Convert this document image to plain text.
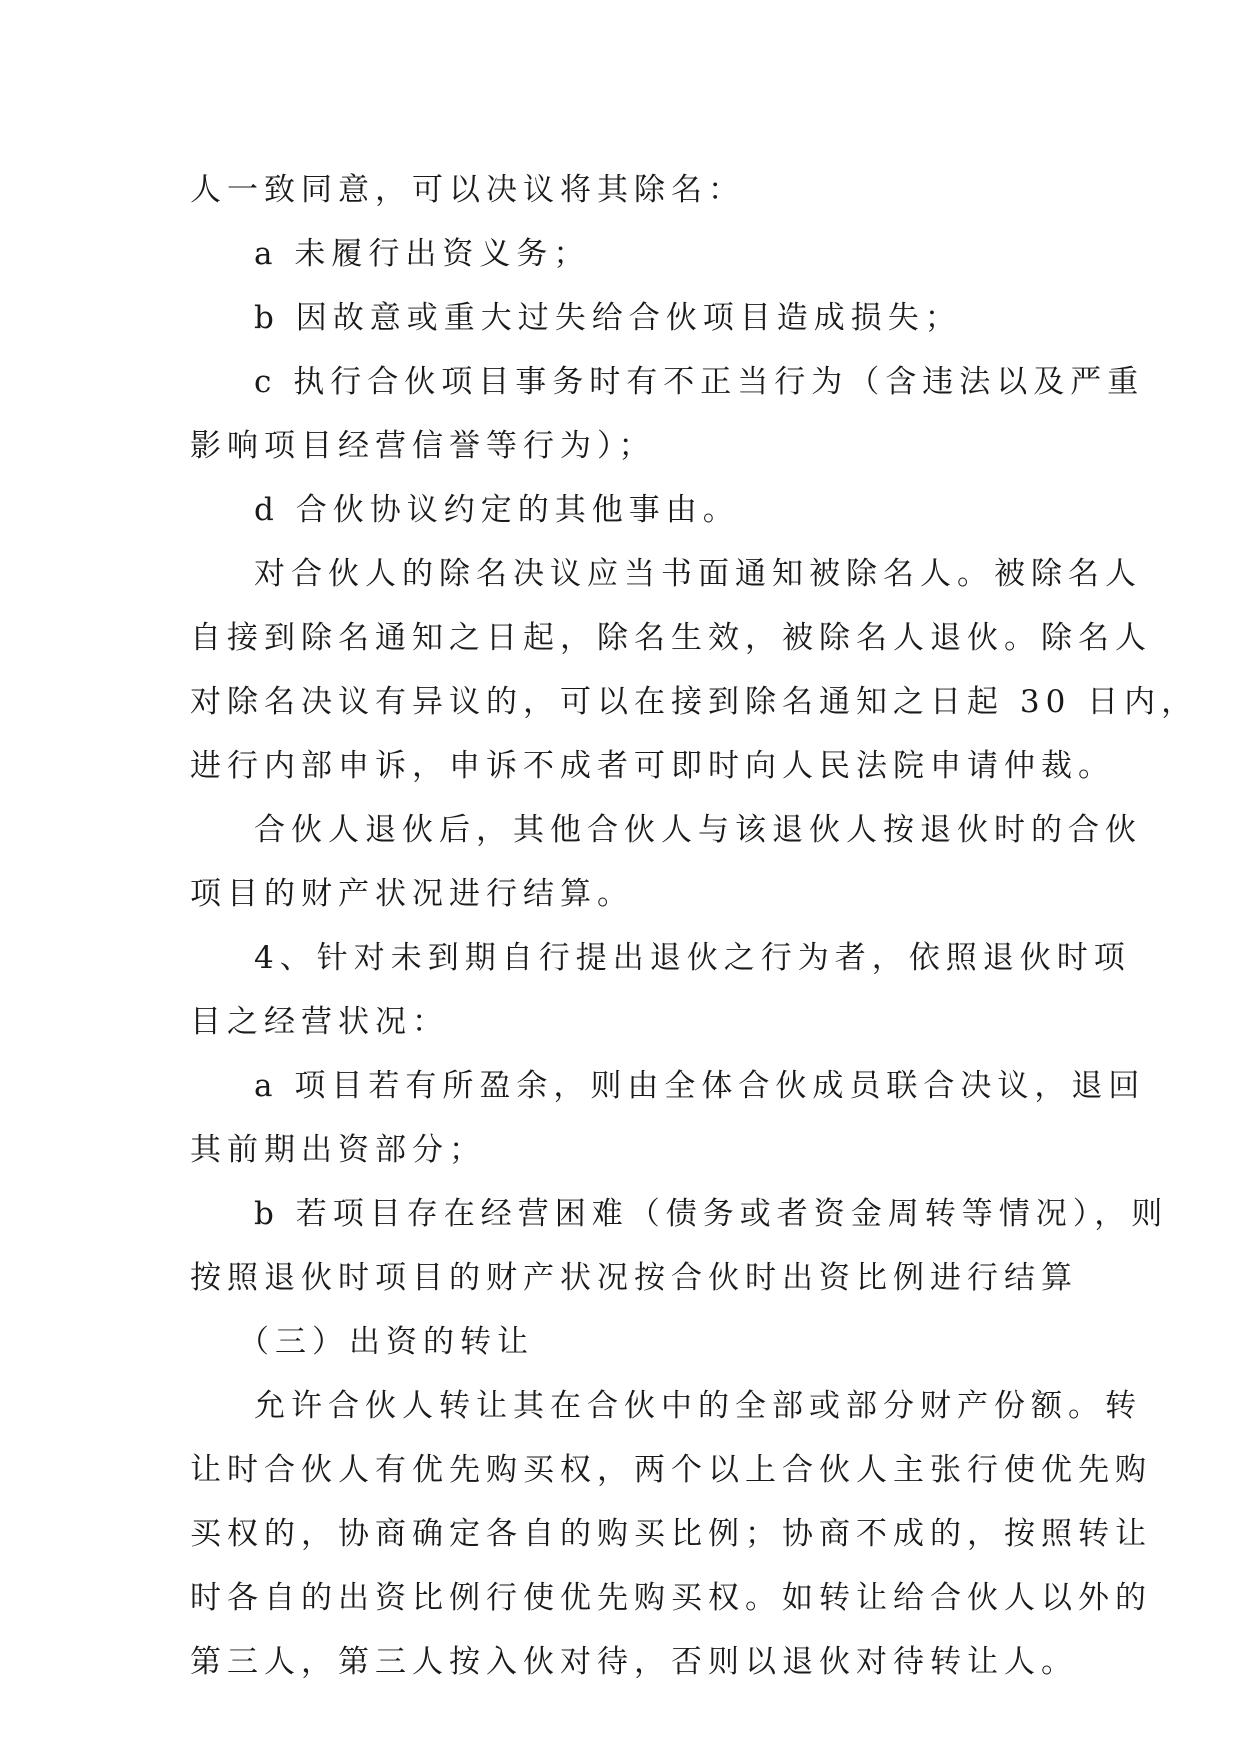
人一致同意，可以决议将其除名：
a 未履行出资义务；
b 因故意或重大过失给合伙项目造成损失；
c 执行合伙项目事务时有不正当行为（含违法以及严重
影响项目经营信誉等行为）；
d 合伙协议约定的其他事由。
对合伙人的除名决议应当书面通知被除名人。被除名人
自接到除名通知之日起，除名生效，被除名人退伙。除名人
对除名决议有异议的，可以在接到除名通知之日起 30 日内，
进行内部申诉，申诉不成者可即时向人民法院申请仲裁。
合伙人退伙后，其他合伙人与该退伙人按退伙时的合伙
项目的财产状况进行结算。
4、针对未到期自行提出退伙之行为者，依照退伙时项
目之经营状况：
a 项目若有所盈余，则由全体合伙成员联合决议，退回
其前期出资部分；
b 若项目存在经营困难（债务或者资金周转等情况），则
按照退伙时项目的财产状况按合伙时出资比例进行结算
（三）出资的转让
允许合伙人转让其在合伙中的全部或部分财产份额。转
让时合伙人有优先购买权，两个以上合伙人主张行使优先购
买权的，协商确定各自的购买比例；协商不成的，按照转让
时各自的出资比例行使优先购买权。如转让给合伙人以外的
第三人，第三人按入伙对待，否则以退伙对待转让人。
